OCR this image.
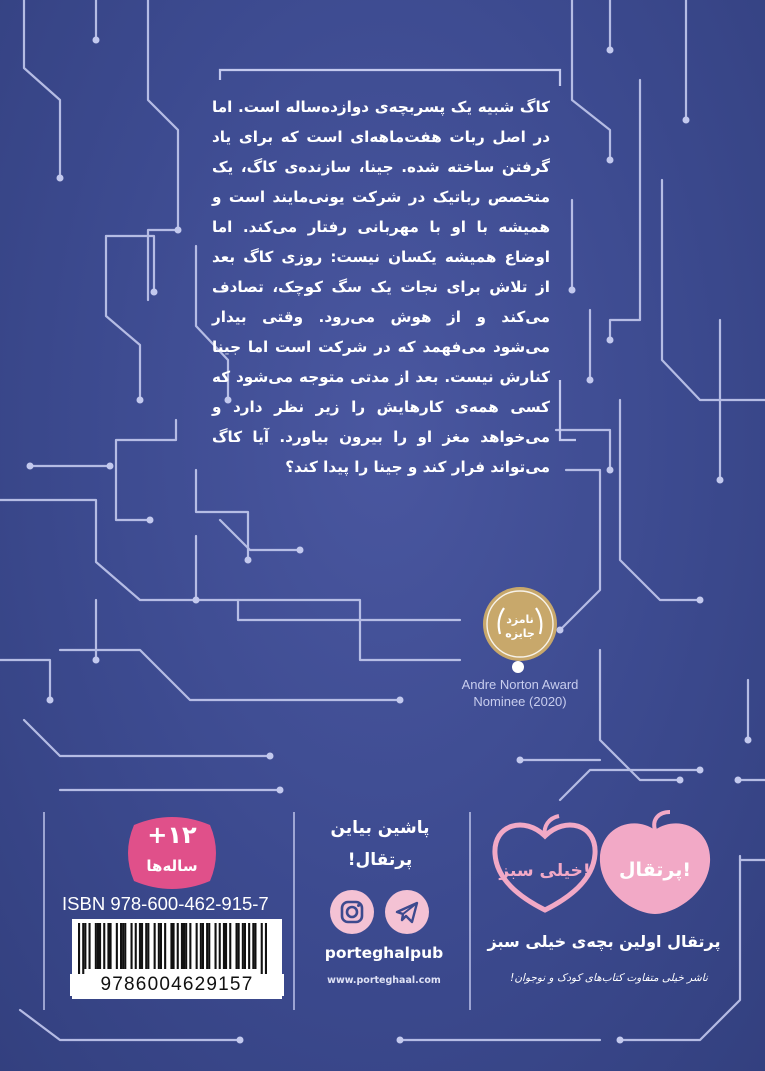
کاگ شبیه یک پسربچه‌ی دوازده‌ساله است. اما در اصل ربات هفت‌ماهه‌ای است که برای یاد گرفتن ساخته شده. جینا، سازنده‌ی کاگ، یک متخصص رباتیک در شرکت یونی‌مایند است و همیشه با او با مهربانی رفتار می‌کند. اما اوضاع همیشه یکسان نیست: روزی کاگ بعد از تلاش برای نجات یک سگ کوچک، تصادف می‌کند و از هوش می‌رود. وقتی بیدار می‌شود می‌فهمد که در شرکت است اما جینا کنارش نیست. بعد از مدتی متوجه می‌شود که کسی همه‌ی کارهایش را زیر نظر دارد و می‌خواهد مغز او را بیرون بیاورد. آیا کاگ می‌تواند فرار کند و جینا را پیدا کند؟
نامزد
جایزه
Andre Norton Award
Nominee (2020)
+۱۲
ساله‌ها
ISBN 978-600-462-915-7
9786004629157
پاشین بیاین
پرتقال!
porteghalpub
www.porteghaal.com
خیلی سبز! پرتقال!
پرتقال اولین بچه‌ی خیلی سبز
ناشر خیلی متفاوت کتاب‌های کودک و نوجوان!
